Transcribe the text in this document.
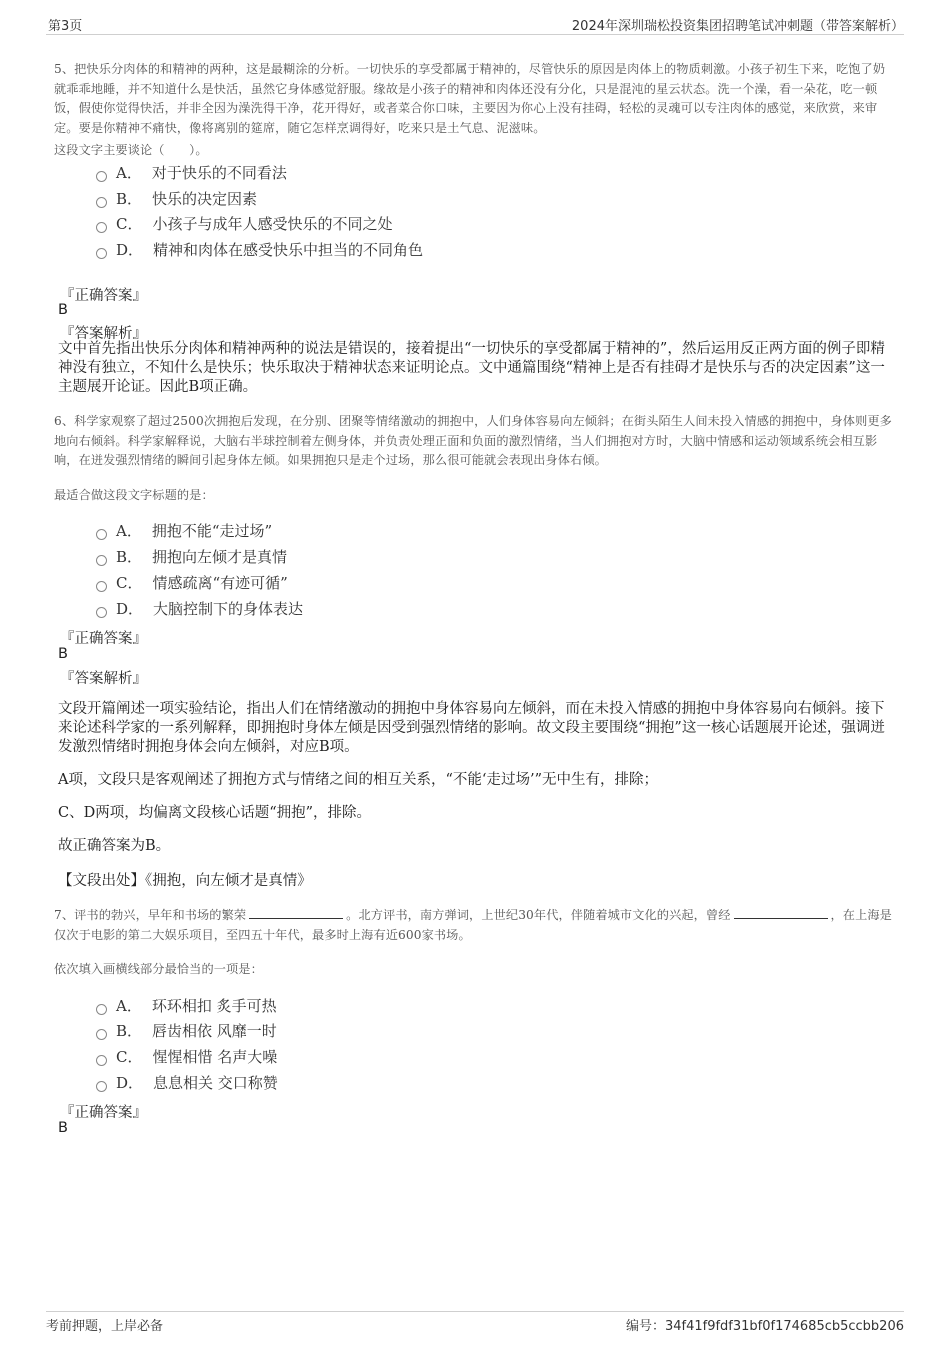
第3页	2024年深圳瑞松投资集团招聘笔试冲刺题（带答案解析）
5、把快乐分肉体的和精神的两种，这是最糊涂的分析。一切快乐的享受都属于精神的，尽管快乐的原因是肉体上的物质刺激。小孩子初生下来，吃饱了奶就乖乖地睡，并不知道什么是快活，虽然它身体感觉舒服。缘故是小孩子的精神和肉体还没有分化，只是混沌的星云状态。洗一个澡，看一朵花，吃一顿饭，假使你觉得快活，并非全因为澡洗得干净，花开得好，或者菜合你口味，主要因为你心上没有挂碍，轻松的灵魂可以专注肉体的感觉，来欣赏，来审定。要是你精神不痛快，像将离别的筵席，随它怎样烹调得好，吃来只是土气息、泥滋味。
这段文字主要谈论（　　）。
A． 对于快乐的不同看法
B． 快乐的决定因素
C． 小孩子与成年人感受快乐的不同之处
D． 精神和肉体在感受快乐中担当的不同角色
『正确答案』
B
『答案解析』
文中首先指出快乐分肉体和精神两种的说法是错误的，接着提出“一切快乐的享受都属于精神的”，然后运用反正两方面的例子即精神没有独立，不知什么是快乐；快乐取决于精神状态来证明论点。文中通篇围绕“精神上是否有挂碍才是快乐与否的决定因素”这一主题展开论证。因此B项正确。
6、科学家观察了超过2500次拥抱后发现，在分别、团聚等情绪激动的拥抱中，人们身体容易向左倾斜；在街头陌生人间未投入情感的拥抱中，身体则更多地向右倾斜。科学家解释说，大脑右半球控制着左侧身体，并负责处理正面和负面的激烈情绪，当人们拥抱对方时，大脑中情感和运动领域系统会相互影响，在迸发强烈情绪的瞬间引起身体左倾。如果拥抱只是走个过场，那么很可能就会表现出身体右倾。
最适合做这段文字标题的是：
A． 拥抱不能“走过场”
B． 拥抱向左倾才是真情
C． 情感疏离“有迹可循”
D． 大脑控制下的身体表达
『正确答案』
B
『答案解析』
文段开篇阐述一项实验结论，指出人们在情绪激动的拥抱中身体容易向左倾斜，而在未投入情感的拥抱中身体容易向右倾斜。接下来论述科学家的一系列解释，即拥抱时身体左倾是因受到强烈情绪的影响。故文段主要围绕“拥抱”这一核心话题展开论述，强调迸发激烈情绪时拥抱身体会向左倾斜，对应B项。
A项，文段只是客观阐述了拥抱方式与情绪之间的相互关系，“不能‘走过场’”无中生有，排除；
C、D两项，均偏离文段核心话题“拥抱”，排除。
故正确答案为B。
【文段出处】《拥抱，向左倾才是真情》
7、评书的勃兴，早年和书场的繁荣	。北方评书，南方弹词，上世纪30年代，伴随着城市文化的兴起，曾经	，在上海是仅次于电影的第二大娱乐项目，至四五十年代，最多时上海有近600家书场。
依次填入画横线部分最恰当的一项是：
A． 环环相扣 炙手可热
B． 唇齿相依 风靡一时
C． 惺惺相惜 名声大噪
D． 息息相关 交口称赞
『正确答案』
B
考前押题，上岸必备	编号：34f41f9fdf31bf0f174685cb5ccbb206
